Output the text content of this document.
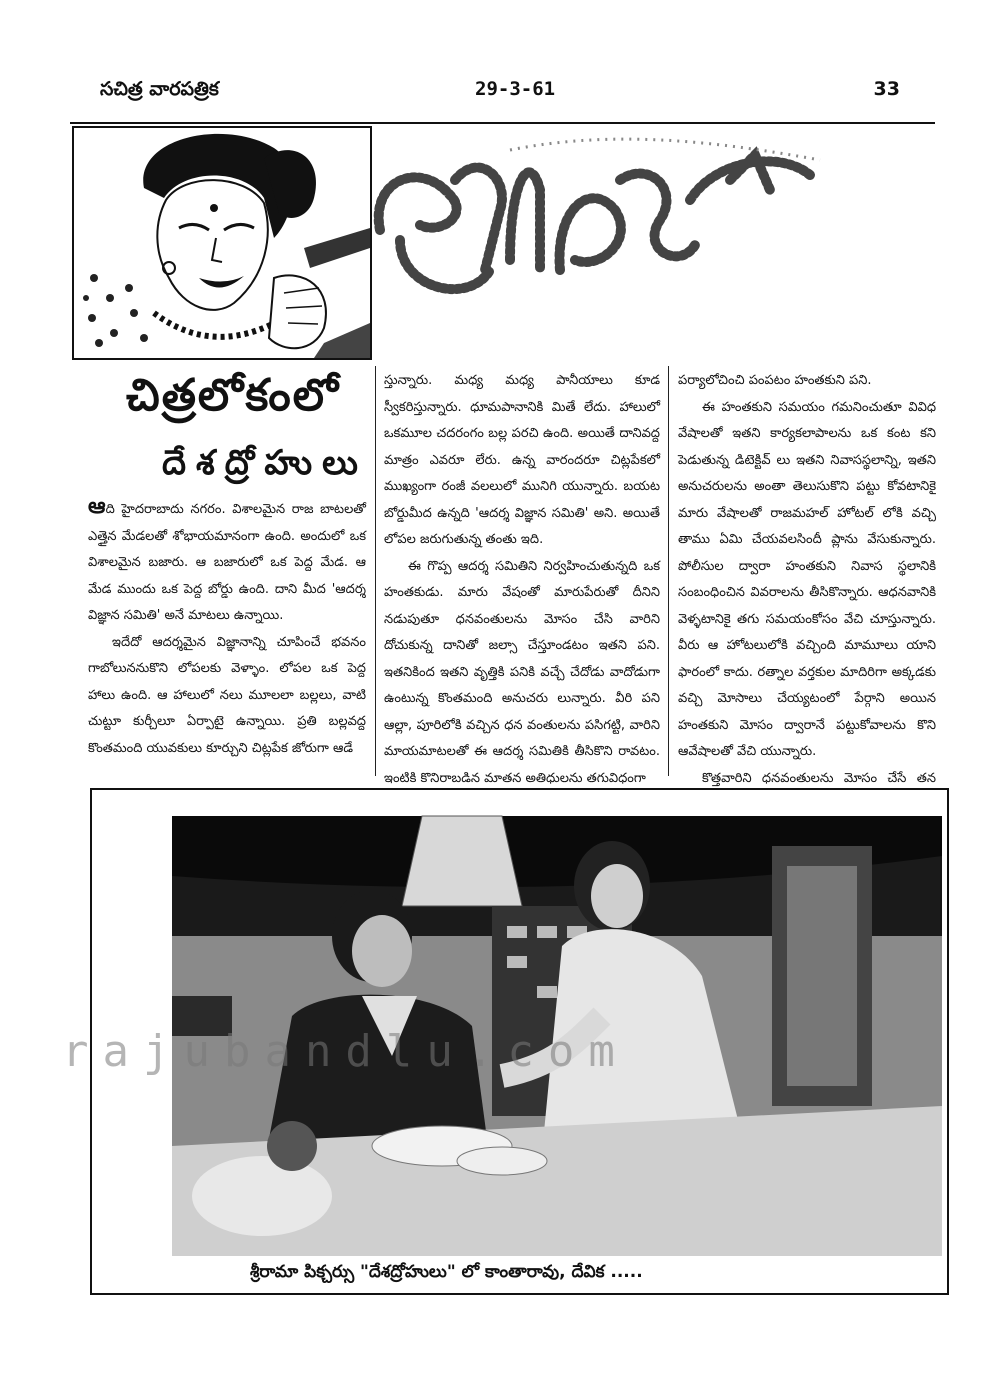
సచిత్ర వారపత్రిక	29-3-61	33
చిత్రలోకంలో
దేశద్రోహులు

ఆది హైదరాబాదు నగరం. విశాలమైన రాజ బాటలతో ఎత్తైన మేడలతో శోభాయమానంగా ఉంది. అందులో ఒక విశాలమైన బజారు. ఆ బజారులో ఒక పెద్ద మేడ. ఆ మేడ ముందు ఒక పెద్ద బోర్డు ఉంది. దాని మీద 'ఆదర్శ విజ్ఞాన సమితి' అనే మాటలు ఉన్నాయి.

ఇదేదో ఆదర్శమైన విజ్ఞానాన్ని చూపించే భవనం గాబోలుననుకొని లోపలకు వెళ్ళాం. లోపల ఒక పెద్ద హాలు ఉంది. ఆ హాలులో నలు మూలలా బల్లలు, వాటి చుట్టూ కుర్చీలూ ఏర్పాటై ఉన్నాయి. ప్రతి బల్లవద్ద కొంతమంది యువకులు కూర్చుని చిట్లపేక జోరుగా ఆడే

స్తున్నారు. మధ్య మధ్య పానీయాలు కూడ స్వీకరిస్తున్నారు. ధూమపానానికి మితే లేదు. హాలులో ఒకమూల చదరంగం బల్ల పరచి ఉంది. అయితే దానివద్ద మాత్రం ఎవరూ లేరు. ఉన్న వారందరూ చిట్లపేకలో ముఖ్యంగా రంజీ వలలులో మునిగి యున్నారు. బయట బోర్డుమీద ఉన్నది 'ఆదర్శ విజ్ఞాన సమితి' అని. అయితే లోపల జరుగుతున్న తంతు ఇది.

ఈ గొప్ప ఆదర్శ సమితిని నిర్వహించుతున్నది ఒక హంతకుడు. మారు వేషంతో మారుపేరుతో దీనిని నడుపుతూ ధనవంతులను మోసం చేసి వారిని దోచుకున్న దానితో జల్సా చేస్తూండటం ఇతని పని. ఇతనికింద ఇతని వృత్తికి పనికి వచ్చే చేదోడు వాదోడుగా ఉంటున్న కొంతమంది అనుచరు లున్నారు. వీరి పని ఆల్లా, పూరిలోకి వచ్చిన ధన వంతులను పసిగట్టి, వారిని మాయమాటలతో ఈ ఆదర్శ సమితికి తీసికొని రావటం. ఇంటికి కొనిరాబడిన మాతన అతిధులను తగువిధంగా

పర్యాలోచించి పంపటం హంతకుని పని.

ఈ హంతకుని సమయం గమనించుతూ వివిధ వేషాలతో ఇతని కార్యకలాపాలను ఒక కంట కని పెడుతున్న డిటెక్టివ్ లు ఇతని నివాసస్థలాన్ని, ఇతని అనుచరులను అంతా తెలుసుకొని పట్టు కోవటానికై మారు వేషాలతో రాజమహల్ హోటల్ లోకి వచ్చి తాము ఏమి చేయవలసిందీ ప్లాను వేసుకున్నారు. పోలీసుల ద్వారా హంతకుని నివాస స్థలానికి సంబంధించిన వివరాలను తీసికొన్నారు. ఆధనవానికి వెళ్ళటానికై తగు సమయంకోసం వేచి చూస్తున్నారు. వీరు ఆ హోటలులోకి వచ్చింది మామూలు యాని ఫారంలో కాదు. రత్నాల వర్తకుల మాదిరిగా అక్కడకు వచ్చి మోసాలు చేయ్యటంలో పేర్గాని అయిన హంతకుని మోసం ద్వారానే పట్టుకోవాలను కొని ఆవేషాలతో వేచి యున్నారు.

కొత్తవారిని ధనవంతులను మోసం చేసే తన

rajubandlu.com
శ్రీరామా పిక్చర్సు "దేశద్రోహులు" లో కాంతారావు, దేవిక .....
